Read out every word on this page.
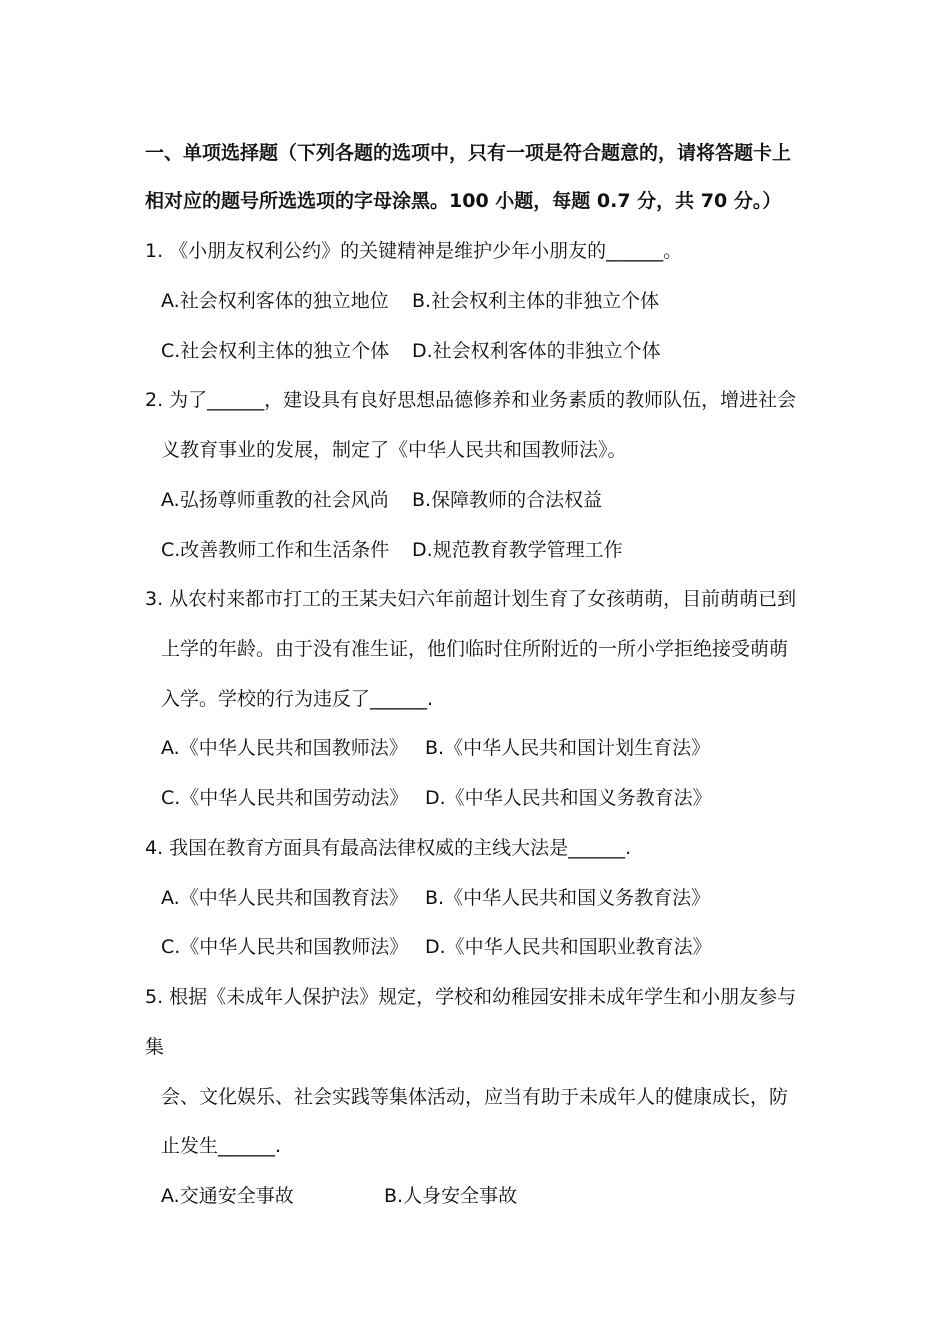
一、单项选择题（下列各题的选项中，只有一项是符合题意的，请将答题卡上
相对应的题号所选选项的字母涂黑。100 小题，每题 0.7 分，共 70 分。）
1. 《小朋友权利公约》的关键精神是维护少年小朋友的______。
A.社会权利客体的独立地位 B.社会权利主体的非独立个体
C.社会权利主体的独立个体 D.社会权利客体的非独立个体
2. 为了______，建设具有良好思想品德修养和业务素质的教师队伍，增进社会
义教育事业的发展，制定了《中华人民共和国教师法》。
A.弘扬尊师重教的社会风尚 B.保障教师的合法权益
C.改善教师工作和生活条件 D.规范教育教学管理工作
3. 从农村来都市打工的王某夫妇六年前超计划生育了女孩萌萌，目前萌萌已到
上学的年龄。由于没有准生证，他们临时住所附近的一所小学拒绝接受萌萌
入学。学校的行为违反了______.
A.《中华人民共和国教师法》 B.《中华人民共和国计划生育法》
C.《中华人民共和国劳动法》 D.《中华人民共和国义务教育法》
4. 我国在教育方面具有最高法律权威的主线大法是______.
A.《中华人民共和国教育法》 B.《中华人民共和国义务教育法》
C.《中华人民共和国教师法》 D.《中华人民共和国职业教育法》
5. 根据《未成年人保护法》规定，学校和幼稚园安排未成年学生和小朋友参与
集
会、文化娱乐、社会实践等集体活动，应当有助于未成年人的健康成长，防
止发生______.
A.交通安全事故	B.人身安全事故
